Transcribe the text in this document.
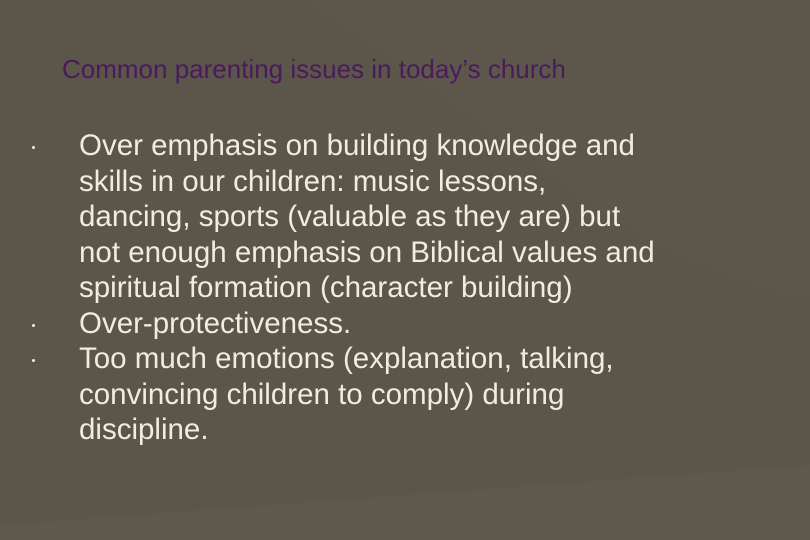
Common parenting issues in today’s church
Over emphasis on building knowledge and
skills in our children: music lessons,
dancing, sports (valuable as they are) but
not enough emphasis on Biblical values and
spiritual formation (character building)
Over-protectiveness.
Too much emotions (explanation, talking,
convincing children to comply) during
discipline.
